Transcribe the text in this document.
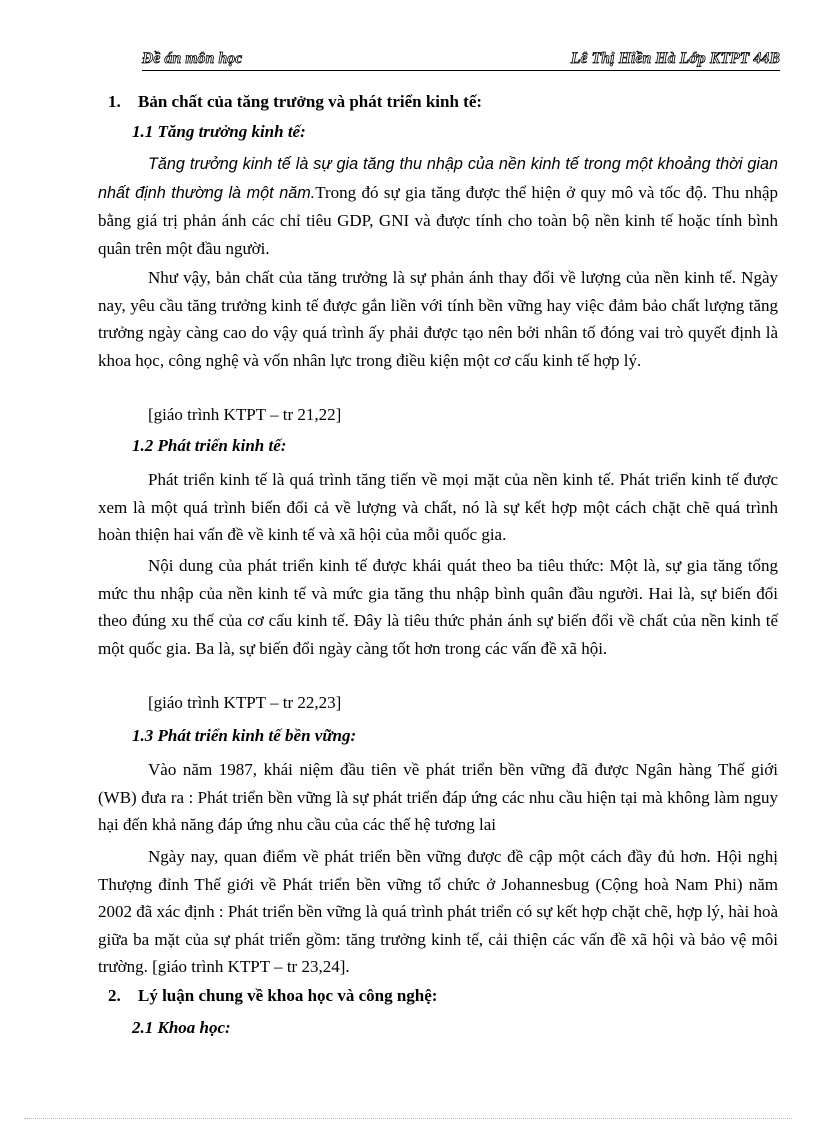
Đề án môn học	Lê Thị Hiền Hà Lớp KTPT 44B
1. Bản chất của tăng trưởng và phát triển kinh tế:
1.1 Tăng trưởng kinh tế:
Tăng trưởng kinh tế là sự gia tăng thu nhập của nền kinh tế trong một khoảng thời gian nhất định thường là một năm.Trong đó sự gia tăng được thể hiện ở quy mô và tốc độ. Thu nhập bằng giá trị phản ánh các chỉ tiêu GDP, GNI và được tính cho toàn bộ nền kinh tế hoặc tính bình quân trên một đầu người.
Như vậy, bản chất của tăng trưởng là sự phản ánh thay đổi về lượng của nền kinh tế. Ngày nay, yêu cầu tăng trưởng kinh tế được gắn liền với tính bền vững hay việc đảm bảo chất lượng tăng trưởng ngày càng cao do vậy quá trình ấy phải được tạo nên bởi nhân tố đóng vai trò quyết định là khoa học, công nghệ và vốn nhân lực trong điều kiện một cơ cấu kinh tế hợp lý.
[giáo trình KTPT – tr 21,22]
1.2 Phát triển kinh tế:
Phát triển kinh tế là quá trình tăng tiến về mọi mặt của nền kinh tế. Phát triển kinh tế được xem là một quá trình biến đổi cả về lượng và chất, nó là sự kết hợp một cách chặt chẽ quá trình hoàn thiện hai vấn đề về kinh tế và xã hội của mỗi quốc gia.
Nội dung của phát triển kinh tế được khái quát theo ba tiêu thức: Một là, sự gia tăng tổng mức thu nhập của nền kinh tế và mức gia tăng thu nhập bình quân đầu người. Hai là, sự biến đổi theo đúng xu thế của cơ cấu kinh tế. Đây là tiêu thức phản ánh sự biến đổi về chất của nền kinh tế một quốc gia. Ba là, sự biến đổi ngày càng tốt hơn trong các vấn đề xã hội.
[giáo trình KTPT – tr 22,23]
1.3 Phát triển kinh tế bền vững:
Vào năm 1987, khái niệm đầu tiên về phát triển bền vững đã được Ngân hàng Thế giới (WB) đưa ra : Phát triển bền vững là sự phát triển đáp ứng các nhu cầu hiện tại mà không làm nguy hại đến khả năng đáp ứng nhu cầu của các thế hệ tương lai
Ngày nay, quan điểm về phát triển bền vững được đề cập một cách đầy đủ hơn. Hội nghị Thượng đỉnh Thế giới về Phát triển bền vững tổ chức ở Johannesbug (Cộng hoà Nam Phi) năm 2002 đã xác định : Phát triển bền vững là quá trình phát triển có sự kết hợp chặt chẽ, hợp lý, hài hoà giữa ba mặt của sự phát triển gồm: tăng trưởng kinh tế, cải thiện các vấn đề xã hội và bảo vệ môi trường. [giáo trình KTPT – tr 23,24].
2. Lý luận chung về khoa học và công nghệ:
2.1 Khoa học:
